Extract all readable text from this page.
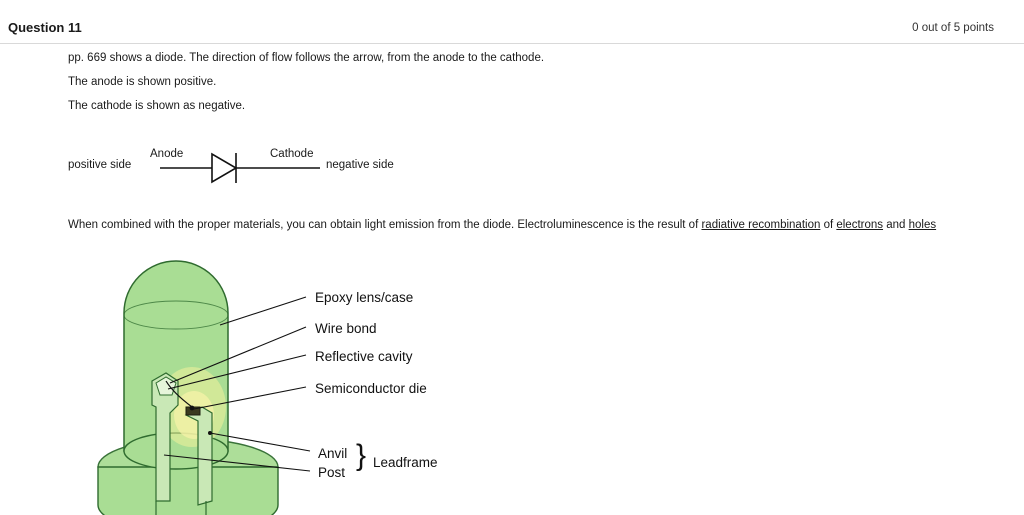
Question 11	0 out of 5 points
pp. 669 shows a diode. The direction of flow follows the arrow, from the anode to the cathode.
The anode is shown positive.
The cathode is shown as negative.
positive side
Anode	Cathode
negative side
When combined with the proper materials, you can obtain light emission from the diode. Electroluminescence is the result of radiative recombination of electrons and holes
Epoxy lens/case
Wire bond
Reflective cavity
Semiconductor die
Anvil
Post
} Leadframe
